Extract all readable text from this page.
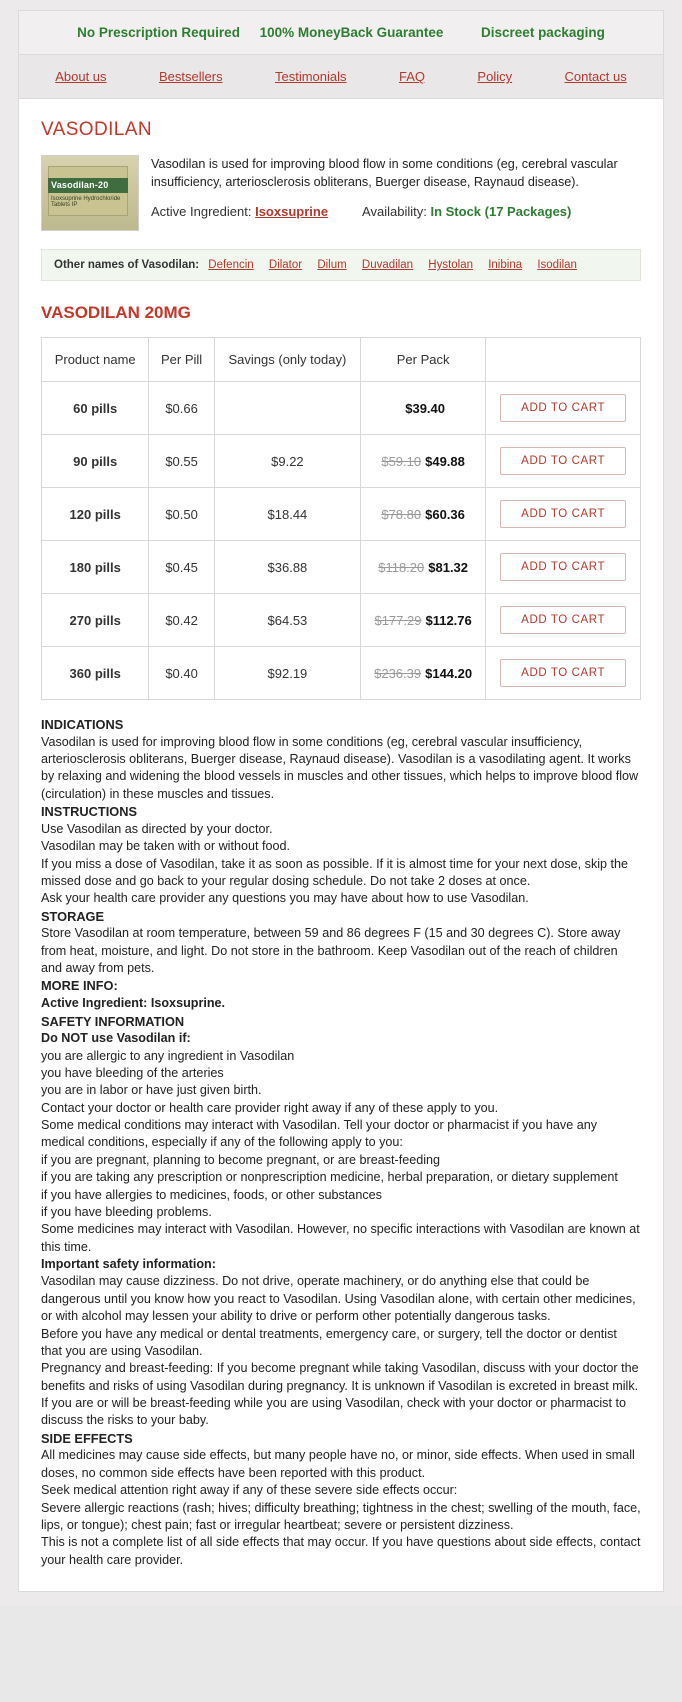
No Prescription Required 100% MoneyBack Guarantee	Discreet packaging
About us	Bestsellers	Testimonials	FAQ	Policy	Contact us
VASODILAN
Vasodilan-20
Isoxsuprine Hydrochloride Tablets IP
Vasodilan is used for improving blood flow in some conditions (eg, cerebral vascular insufficiency, arteriosclerosis obliterans, Buerger disease, Raynaud disease).
Active Ingredient: Isoxsuprine	Availability: In Stock (17 Packages)
Other names of Vasodilan: Defencin Dilator Dilum Duvadilan Hystolan Inibina Isodilan
VASODILAN 20MG
Product name	Per Pill	Savings (only today)	Per Pack	
60 pills	$0.66		$39.40	ADD TO CART
90 pills	$0.55	$9.22	$59.10 $49.88	ADD TO CART
120 pills	$0.50	$18.44	$78.80 $60.36	ADD TO CART
180 pills	$0.45	$36.88	$118.20 $81.32	ADD TO CART
270 pills	$0.42	$64.53	$177.29 $112.76	ADD TO CART
360 pills	$0.40	$92.19	$236.39 $144.20	ADD TO CART
INDICATIONS

Vasodilan is used for improving blood flow in some conditions (eg, cerebral vascular insufficiency, arteriosclerosis obliterans, Buerger disease, Raynaud disease). Vasodilan is a vasodilating agent. It works by relaxing and widening the blood vessels in muscles and other tissues, which helps to improve blood flow (circulation) in these muscles and tissues.

INSTRUCTIONS

Use Vasodilan as directed by your doctor.

Vasodilan may be taken with or without food.

If you miss a dose of Vasodilan, take it as soon as possible. If it is almost time for your next dose, skip the missed dose and go back to your regular dosing schedule. Do not take 2 doses at once.

Ask your health care provider any questions you may have about how to use Vasodilan.

STORAGE

Store Vasodilan at room temperature, between 59 and 86 degrees F (15 and 30 degrees C). Store away from heat, moisture, and light. Do not store in the bathroom. Keep Vasodilan out of the reach of children and away from pets.

MORE INFO:

Active Ingredient: Isoxsuprine.

SAFETY INFORMATION

Do NOT use Vasodilan if:

you are allergic to any ingredient in Vasodilan

you have bleeding of the arteries

you are in labor or have just given birth.

Contact your doctor or health care provider right away if any of these apply to you.

Some medical conditions may interact with Vasodilan. Tell your doctor or pharmacist if you have any medical conditions, especially if any of the following apply to you:

if you are pregnant, planning to become pregnant, or are breast-feeding

if you are taking any prescription or nonprescription medicine, herbal preparation, or dietary supplement

if you have allergies to medicines, foods, or other substances

if you have bleeding problems.

Some medicines may interact with Vasodilan. However, no specific interactions with Vasodilan are known at this time.

Important safety information:

Vasodilan may cause dizziness. Do not drive, operate machinery, or do anything else that could be dangerous until you know how you react to Vasodilan. Using Vasodilan alone, with certain other medicines, or with alcohol may lessen your ability to drive or perform other potentially dangerous tasks.

Before you have any medical or dental treatments, emergency care, or surgery, tell the doctor or dentist that you are using Vasodilan.

Pregnancy and breast-feeding: If you become pregnant while taking Vasodilan, discuss with your doctor the benefits and risks of using Vasodilan during pregnancy. It is unknown if Vasodilan is excreted in breast milk. If you are or will be breast-feeding while you are using Vasodilan, check with your doctor or pharmacist to discuss the risks to your baby.

SIDE EFFECTS

All medicines may cause side effects, but many people have no, or minor, side effects. When used in small doses, no common side effects have been reported with this product.

Seek medical attention right away if any of these severe side effects occur:

Severe allergic reactions (rash; hives; difficulty breathing; tightness in the chest; swelling of the mouth, face, lips, or tongue); chest pain; fast or irregular heartbeat; severe or persistent dizziness.

This is not a complete list of all side effects that may occur. If you have questions about side effects, contact your health care provider.
